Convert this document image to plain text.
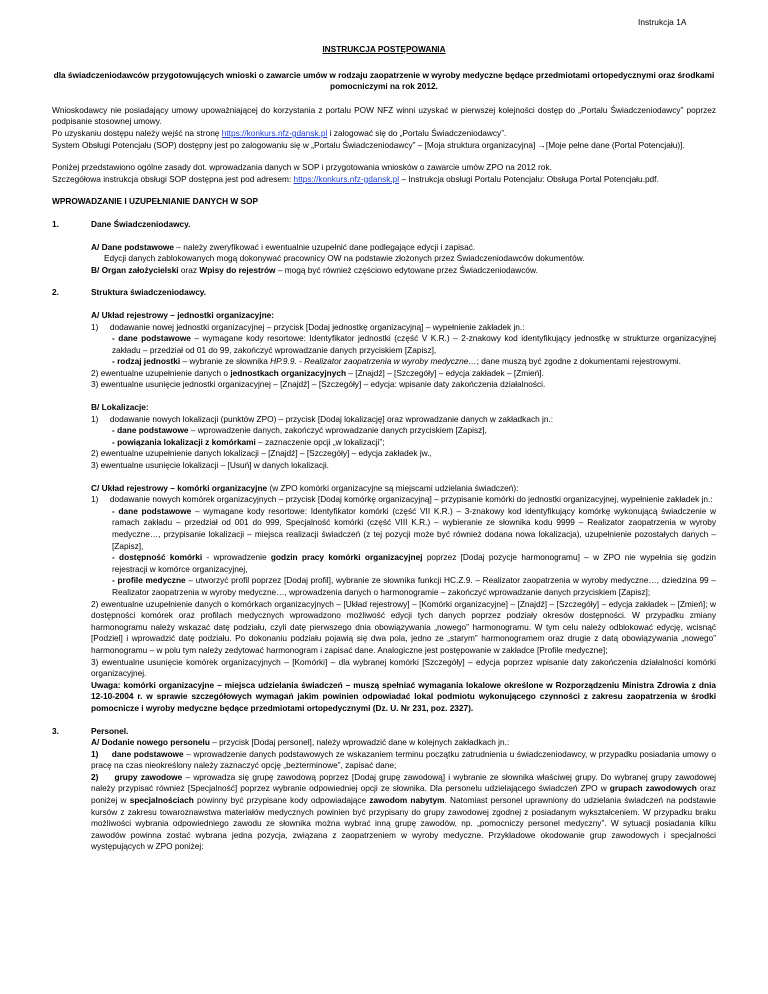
Instrukcja 1A
INSTRUKCJA POSTĘPOWANIA
dla świadczeniodawców przygotowujących wnioski o zawarcie umów w rodzaju zaopatrzenie w wyroby medyczne będące przedmiotami ortopedycznymi oraz środkami pomocniczymi na rok 2012.

Wnioskodawcy nie posiadający umowy upoważniającej do korzystania z portalu POW NFZ winni uzyskać w pierwszej kolejności dostęp do „Portalu Świadczeniodawcy” poprzez podpisanie stosownej umowy.

Po uzyskaniu dostępu należy wejść na stronę https://konkurs.nfz-gdansk.pl i zalogować się do „Portalu Świadczeniodawcy”.

System Obsługi Potencjału (SOP) dostępny jest po zalogowaniu się w „Portalu Świadczeniodawcy” – [Moja struktura organizacyjna] →[Moje pełne dane (Portal Potencjału)].

Poniżej przedstawiono ogólne zasady dot. wprowadzania danych w SOP i przygotowania wniosków o zawarcie umów ZPO na 2012 rok.

Szczegółowa instrukcja obsługi SOP dostępna jest pod adresem: https://konkurs.nfz-gdansk.pl – Instrukcja obsługi Portalu Potencjału: Obsługa Portal Potencjału.pdf.

WPROWADZANIE I UZUPEŁNIANIE DANYCH W SOP

1.	Dane Świadczeniodawcy.

A/ Dane podstawowe – należy zweryfikować i ewentualnie uzupełnić dane podlegające edycji i zapisać.

Edycji danych zablokowanych mogą dokonywać pracownicy OW na podstawie złożonych przez Świadczeniodawców dokumentów.

B/ Organ założycielski oraz Wpisy do rejestrów – mogą być również częściowo edytowane przez Świadczeniodawców.

2.	Struktura świadczeniodawcy.

A/ Układ rejestrowy – jednostki organizacyjne:

1)     dodawanie nowej jednostki organizacyjnej – przycisk [Dodaj jednostkę organizacyjną] – wypełnienie zakładek jn.:

- dane podstawowe – wymagane kody resortowe: Identyfikator jednostki (część V K.R.) – 2-znakowy kod identyfikujący jednostkę w strukturze organizacyjnej zakładu – przedział od 01 do 99, zakończyć wprowadzanie danych przyciskiem [Zapisz],

- rodzaj jednostki – wybranie ze słownika HP.9.9. - Realizator zaopatrzenia w wyroby medyczne…; dane muszą być zgodne z dokumentami rejestrowymi.

2) ewentualne uzupełnienie danych o jednostkach organizacyjnych – [Znajdź] – [Szczegóły] – edycja zakładek – [Zmień].

3) ewentualne usunięcie jednostki organizacyjnej – [Znajdź] – [Szczegóły] – edycja: wpisanie daty zakończenia działalności.

B/ Lokalizacje:

1)     dodawanie nowych lokalizacji (punktów ZPO) – przycisk [Dodaj lokalizację] oraz wprowadzanie danych w zakładkach jn.:

- dane podstawowe – wprowadzenie danych, zakończyć wprowadzanie danych przyciskiem [Zapisz],

- powiązania lokalizacji z komórkami – zaznaczenie opcji „w lokalizacji”;

2) ewentualne uzupełnienie danych lokalizacji – [Znajdź] – [Szczegóły] – edycja zakładek jw.,

3) ewentualne usunięcie lokalizacji – [Usuń] w danych lokalizacji.

C/ Układ rejestrowy – komórki organizacyjne (w ZPO komórki organizacyjne są miejscami udzielania świadczeń):

1)     dodawanie nowych komórek organizacyjnych – przycisk [Dodaj komórkę organizacyjną] – przypisanie komórki do jednostki organizacyjnej, wypełnienie zakładek jn.:

- dane podstawowe – wymagane kody resortowe: Identyfikator komórki (część VII K.R.) – 3-znakowy kod identyfikujący komórkę wykonującą świadczenie w ramach zakładu – przedział od 001 do 999, Specjalność komórki (część VIII K.R.) – wybieranie ze słownika kodu 9999 – Realizator zaopatrzenia w wyroby medyczne…, przypisanie lokalizacji – miejsca realizacji świadczeń (z tej pozycji może być również dodana nowa lokalizacja), uzupełnienie pozostałych danych – [Zapisz],

- dostępność komórki - wprowadzenie godzin pracy komórki organizacyjnej poprzez [Dodaj pozycje harmonogramu] – w ZPO nie wypełnia się godzin rejestracji w komórce organizacyjnej,

- profile medyczne – utworzyć profil poprzez [Dodaj profil], wybranie ze słownika funkcji HC.Z.9. – Realizator zaopatrzenia w wyroby medyczne…, dziedzina 99 – Realizator zaopatrzenia w wyroby medyczne…, wprowadzenia danych o harmonogramie – zakończyć wprowadzanie danych przyciskiem [Zapisz];

2) ewentualne uzupełnienie danych o komórkach organizacyjnych – [Układ rejestrowy] – [Komórki organizacyjne] – [Znajdź] – [Szczegóły] – edycja zakładek – [Zmień]; w dostępności komórek oraz profilach medycznych wprowadzono możliwość edycji tych danych poprzez podziały okresów dostępności. W przypadku zmiany harmonogramu należy wskazać datę podziału, czyli datę pierwszego dnia obowiązywania „nowego” harmonogramu. W tym celu należy odblokować edycję, wcisnąć [Podziel] i wprowadzić datę podziału. Po dokonaniu podziału pojawią się dwa pola, jedno ze „starym” harmonogramem oraz drugie z datą obowiązywania „nowego” harmonogramu – w polu tym należy zedytować harmonogram i zapisać dane. Analogiczne jest postępowanie w zakładce [Profile medyczne];

3) ewentualne usunięcie komórek organizacyjnych – [Komórki] – dla wybranej komórki [Szczegóły] – edycja poprzez wpisanie daty zakończenia działalności komórki organizacyjnej.

Uwaga: komórki organizacyjne – miejsca udzielania świadczeń – muszą spełniać wymagania lokalowe określone w Rozporządzeniu Ministra Zdrowia z dnia 12-10-2004 r. w sprawie szczegółowych wymagań jakim powinien odpowiadać lokal podmiotu wykonującego czynności z zakresu zaopatrzenia w środki pomocnicze i wyroby medyczne będące przedmiotami ortopedycznymi (Dz. U. Nr 231, poz. 2327).

3.	Personel.

A/ Dodanie nowego personelu – przycisk [Dodaj personel], należy wprowadzić dane w kolejnych zakładkach jn.:

1) dane podstawowe – wprowadzenie danych podstawowych ze wskazaniem terminu początku zatrudnienia u świadczeniodawcy, w przypadku posiadania umowy o pracę na czas nieokreślony należy zaznaczyć opcję „bezterminowe”, zapisać dane;

2) grupy zawodowe – wprowadza się grupę zawodową poprzez [Dodaj grupę zawodową] i wybranie ze słownika właściwej grupy. Do wybranej grupy zawodowej należy przypisać również [Specjalność] poprzez wybranie odpowiedniej opcji ze słownika. Dla personelu udzielającego świadczeń ZPO w grupach zawodowych oraz poniżej w specjalnościach powinny być przypisane kody odpowiadające zawodom nabytym. Natomiast personel uprawniony do udzielania świadczeń na podstawie kursów z zakresu towaroznawstwa materiałów medycznych powinien być przypisany do grupy zawodowej zgodnej z posiadanym wykształceniem. W przypadku braku możliwości wybrania odpowiedniego zawodu ze słownika można wybrać inną grupę zawodów, np. „pomocniczy personel medyczny”. W sytuacji posiadania kilku zawodów powinna zostać wybrana jedna pozycja, związana z zaopatrzeniem w wyroby medyczne. Przykładowe okodowanie grup zawodowych i specjalności występujących w ZPO poniżej:
